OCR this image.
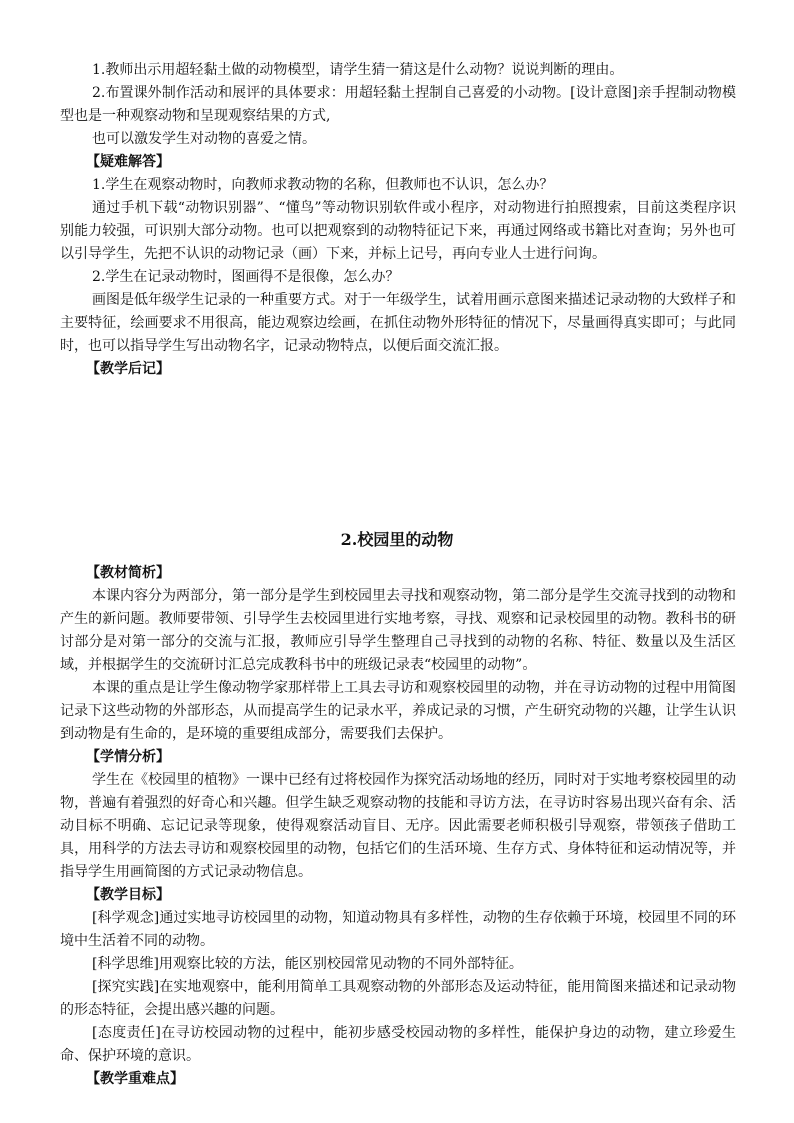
1.教师出示用超轻黏土做的动物模型，请学生猜一猜这是什么动物？说说判断的理由。

2.布置课外制作活动和展评的具体要求：用超轻黏土捏制自己喜爱的小动物。[设计意图]亲手捏制动物模型也是一种观察动物和呈现观察结果的方式,

也可以激发学生对动物的喜爱之情。

【疑难解答】

1.学生在观察动物时，向教师求教动物的名称，但教师也不认识，怎么办？

通过手机下载“动物识别器”、“懂鸟”等动物识别软件或小程序，对动物进行拍照搜索，目前这类程序识别能力较强，可识别大部分动物。也可以把观察到的动物特征记下来，再通过网络或书籍比对查询；另外也可以引导学生，先把不认识的动物记录（画）下来，并标上记号，再向专业人士进行问询。

2.学生在记录动物时，图画得不是很像，怎么办？

画图是低年级学生记录的一种重要方式。对于一年级学生，试着用画示意图来描述记录动物的大致样子和主要特征，绘画要求不用很高，能边观察边绘画，在抓住动物外形特征的情况下，尽量画得真实即可；与此同时，也可以指导学生写出动物名字，记录动物特点，以便后面交流汇报。

【教学后记】

2.校园里的动物

【教材简析】

本课内容分为两部分，第一部分是学生到校园里去寻找和观察动物，第二部分是学生交流寻找到的动物和产生的新问题。教师要带领、引导学生去校园里进行实地考察，寻找、观察和记录校园里的动物。教科书的研讨部分是对第一部分的交流与汇报，教师应引导学生整理自己寻找到的动物的名称、特征、数量以及生活区域，并根据学生的交流研讨汇总完成教科书中的班级记录表“校园里的动物”。

本课的重点是让学生像动物学家那样带上工具去寻访和观察校园里的动物，并在寻访动物的过程中用简图记录下这些动物的外部形态，从而提高学生的记录水平，养成记录的习惯，产生研究动物的兴趣，让学生认识到动物是有生命的，是环境的重要组成部分，需要我们去保护。

【学情分析】

学生在《校园里的植物》一课中已经有过将校园作为探究活动场地的经历，同时对于实地考察校园里的动物，普遍有着强烈的好奇心和兴趣。但学生缺乏观察动物的技能和寻访方法，在寻访时容易出现兴奋有余、活动目标不明确、忘记记录等现象，使得观察活动盲目、无序。因此需要老师积极引导观察，带领孩子借助工具，用科学的方法去寻访和观察校园里的动物，包括它们的生活环境、生存方式、身体特征和运动情况等，并指导学生用画简图的方式记录动物信息。

【教学目标】

[科学观念]通过实地寻访校园里的动物，知道动物具有多样性，动物的生存依赖于环境，校园里不同的环境中生活着不同的动物。

[科学思维]用观察比较的方法，能区别校园常见动物的不同外部特征。

[探究实践]在实地观察中，能利用简单工具观察动物的外部形态及运动特征，能用简图来描述和记录动物的形态特征，会提出感兴趣的问题。

[态度责任]在寻访校园动物的过程中，能初步感受校园动物的多样性，能保护身边的动物，建立珍爱生命、保护环境的意识。

【教学重难点】
